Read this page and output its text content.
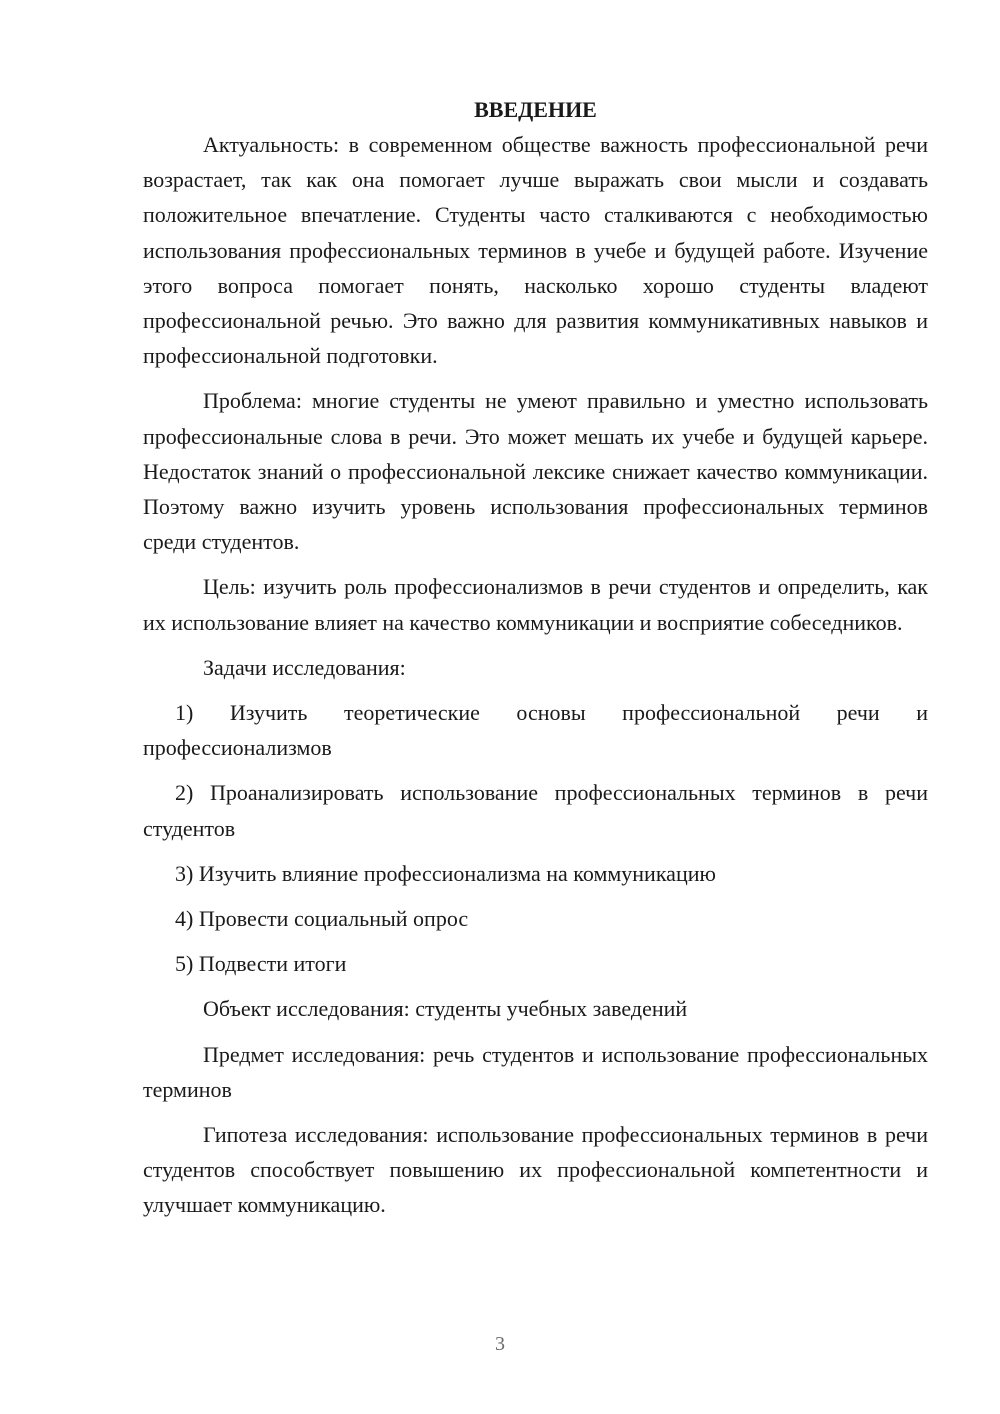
ВВЕДЕНИЕ

Актуальность: в современном обществе важность профессиональной речи возрастает, так как она помогает лучше выражать свои мысли и создавать положительное впечатление. Студенты часто сталкиваются с необходимостью использования профессиональных терминов в учебе и будущей работе. Изучение этого вопроса помогает понять, насколько хорошо студенты владеют профессиональной речью. Это важно для развития коммуникативных навыков и профессиональной подготовки.

Проблема: многие студенты не умеют правильно и уместно использовать профессиональные слова в речи. Это может мешать их учебе и будущей карьере. Недостаток знаний о профессиональной лексике снижает качество коммуникации. Поэтому важно изучить уровень использования профессиональных терминов среди студентов.

Цель: изучить роль профессионализмов в речи студентов и определить, как их использование влияет на качество коммуникации и восприятие собеседников.

Задачи исследования:

1) Изучить теоретические основы профессиональной речи и профессионализмов

2) Проанализировать использование профессиональных терминов в речи студентов

3) Изучить влияние профессионализма на коммуникацию

4) Провести социальный опрос

5) Подвести итоги

Объект исследования: студенты учебных заведений

Предмет исследования: речь студентов и использование профессиональных терминов

Гипотеза исследования: использование профессиональных терминов в речи студентов способствует повышению их профессиональной компетентности и улучшает коммуникацию.

3
